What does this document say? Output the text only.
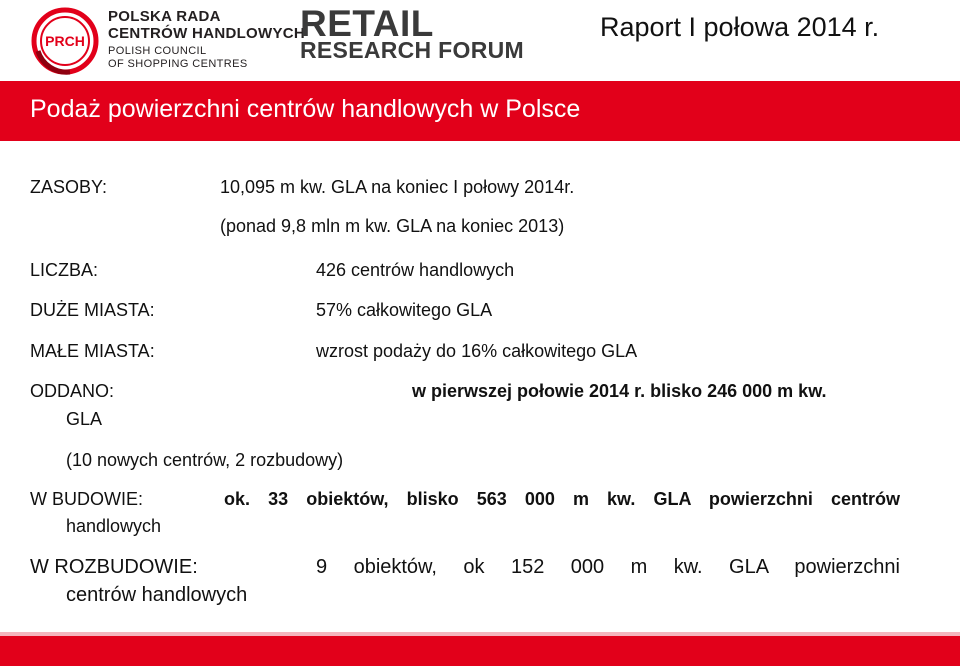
PRCH
POLSKA RADA
CENTRÓW HANDLOWYCH
POLISH COUNCIL
OF SHOPPING CENTRES
RETAIL
RESEARCH FORUM
Raport I połowa 2014 r.
Podaż powierzchni centrów handlowych w Polsce
ZASOBY:	10,095 m kw. GLA na koniec I połowy 2014r.
(ponad 9,8 mln m kw. GLA na koniec 2013)
LICZBA:	426 centrów handlowych
DUŻE MIASTA:	57% całkowitego GLA
MAŁE MIASTA:	wzrost podaży do 16% całkowitego GLA
ODDANO:	w pierwszej połowie 2014 r. blisko 246 000 m kw.
GLA
(10 nowych centrów, 2 rozbudowy)
W BUDOWIE:	ok. 33 obiektów, blisko 563 000 m kw. GLA powierzchni centrów
handlowych
W ROZBUDOWIE:	9 obiektów, ok 152 000 m kw. GLA powierzchni
centrów handlowych
